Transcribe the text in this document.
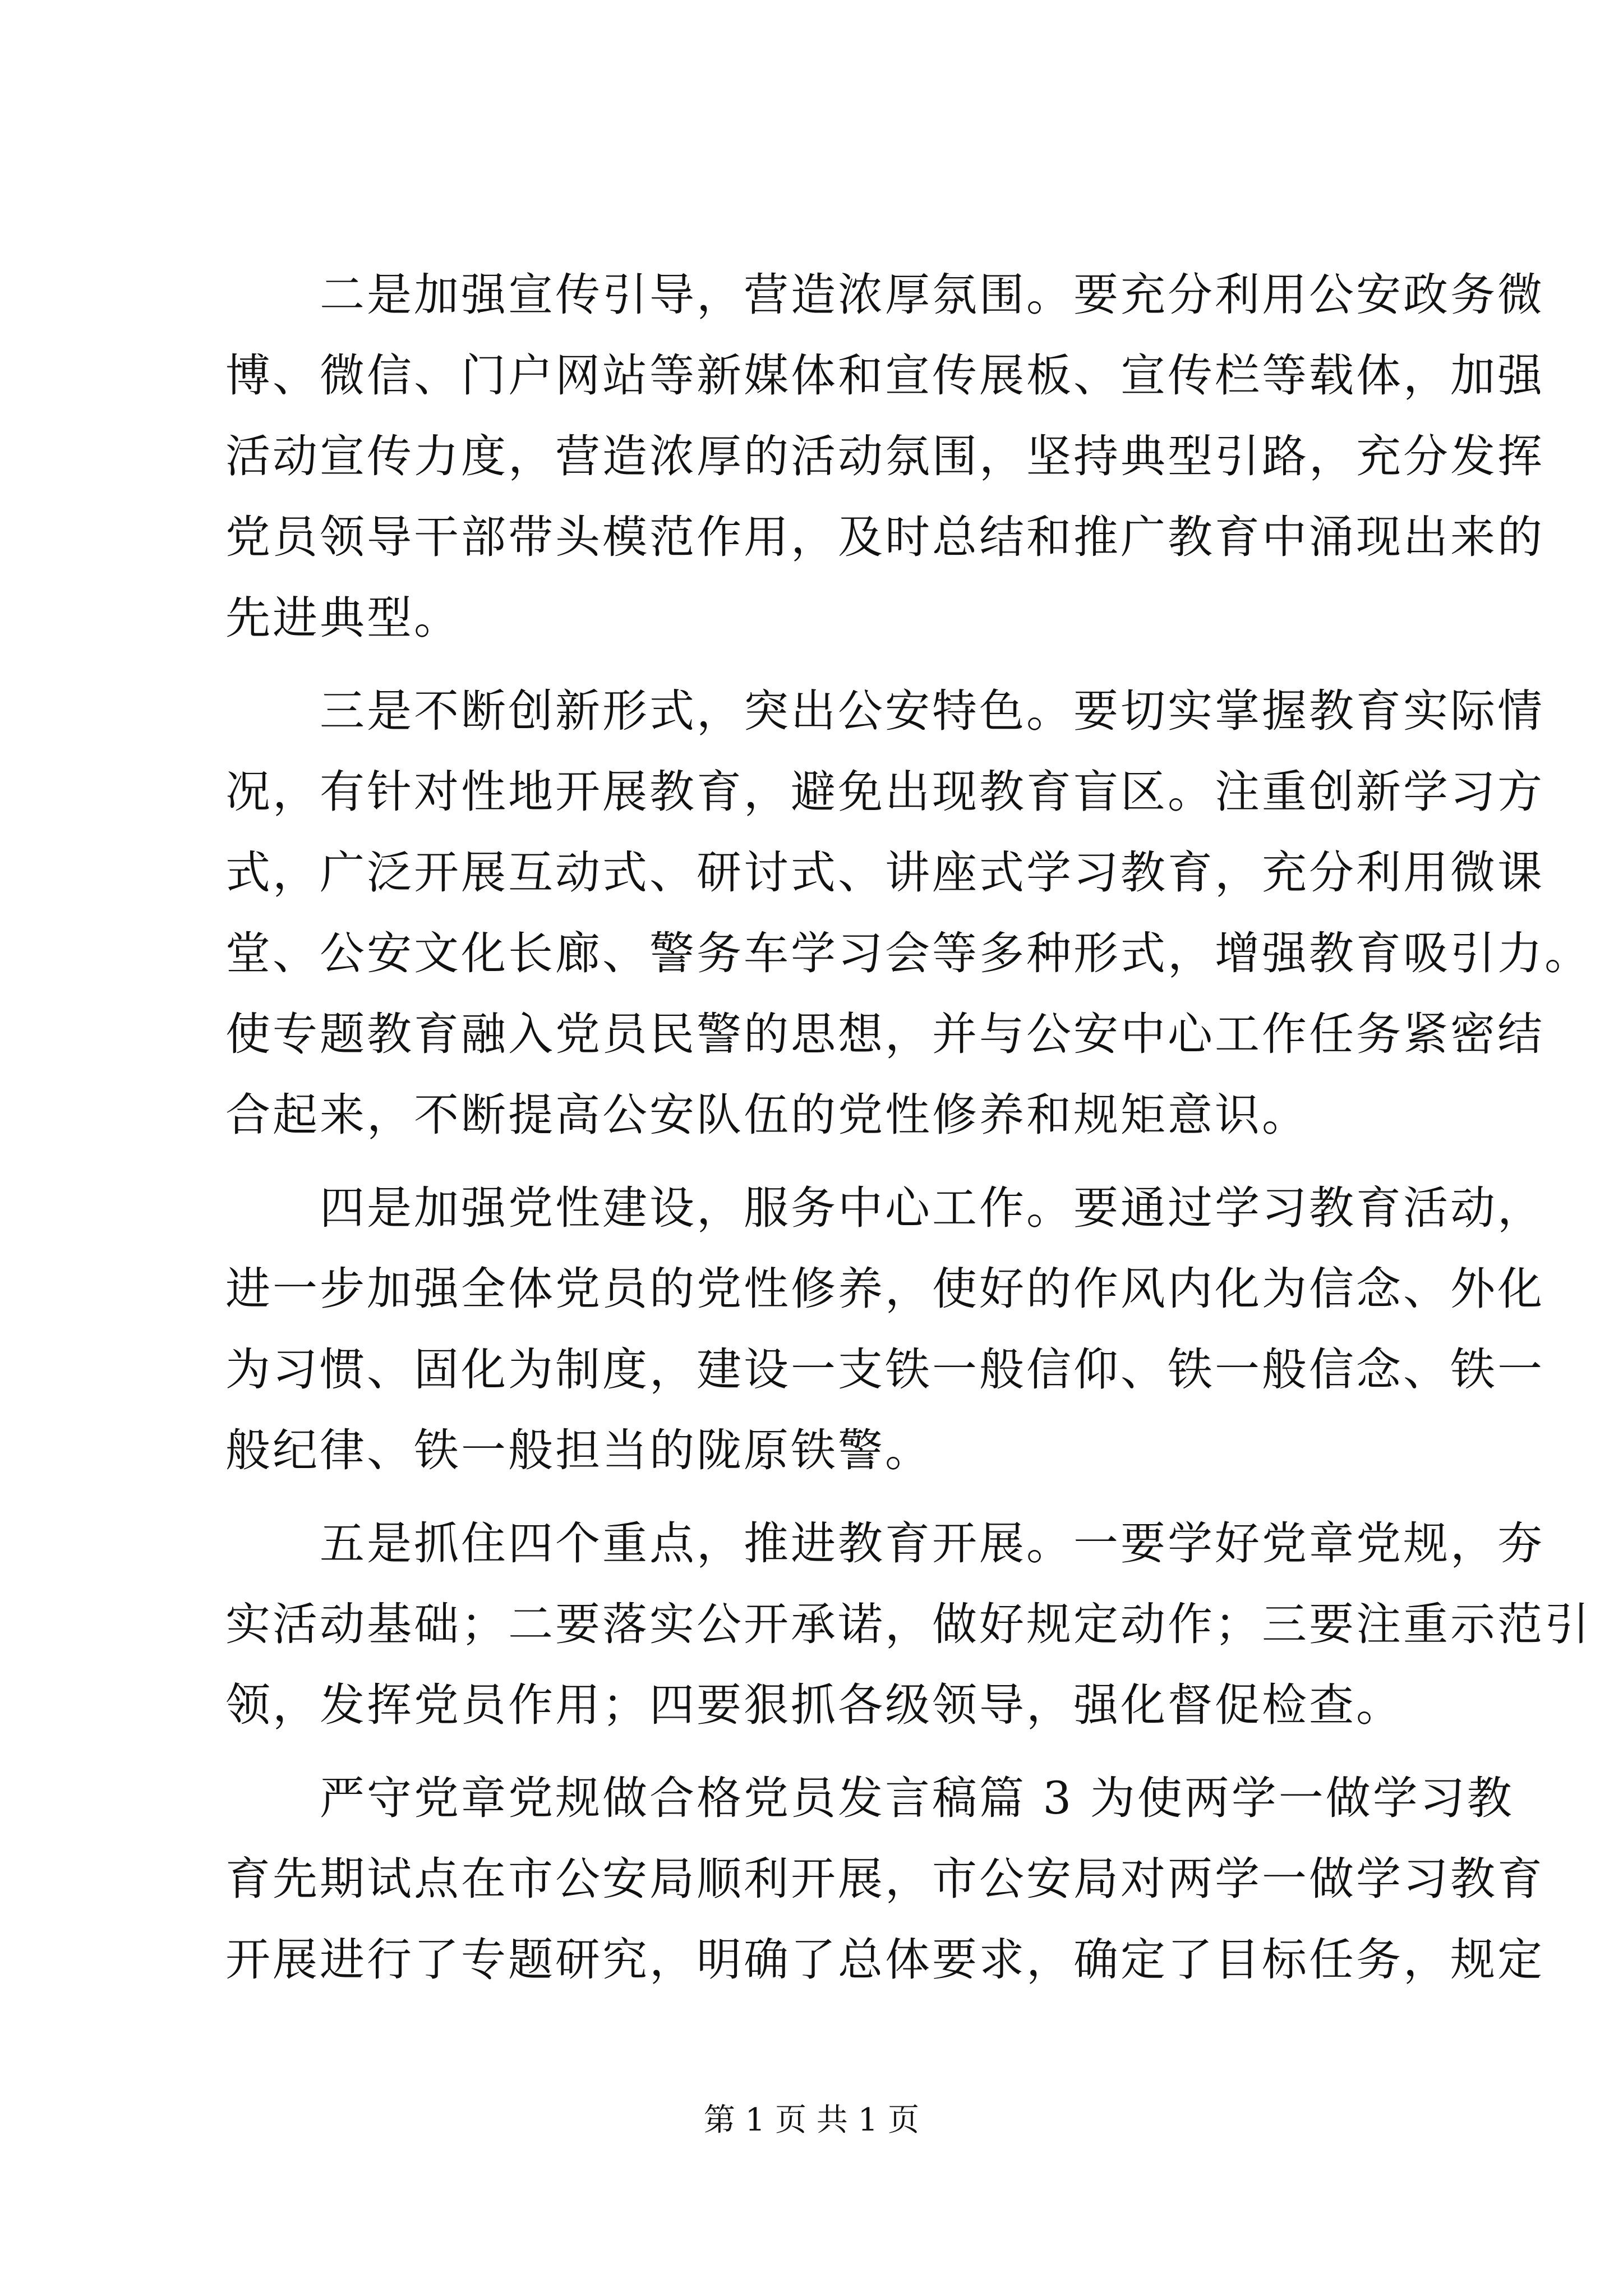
　　二是加强宣传引导，营造浓厚氛围。要充分利用公安政务微
博、微信、门户网站等新媒体和宣传展板、宣传栏等载体，加强
活动宣传力度，营造浓厚的活动氛围，坚持典型引路，充分发挥
党员领导干部带头模范作用，及时总结和推广教育中涌现出来的
先进典型。
　　三是不断创新形式，突出公安特色。要切实掌握教育实际情
况，有针对性地开展教育，避免出现教育盲区。注重创新学习方
式，广泛开展互动式、研讨式、讲座式学习教育，充分利用微课
堂、公安文化长廊、警务车学习会等多种形式，增强教育吸引力。
使专题教育融入党员民警的思想，并与公安中心工作任务紧密结
合起来，不断提高公安队伍的党性修养和规矩意识。
　　四是加强党性建设，服务中心工作。要通过学习教育活动，
进一步加强全体党员的党性修养，使好的作风内化为信念、外化
为习惯、固化为制度，建设一支铁一般信仰、铁一般信念、铁一
般纪律、铁一般担当的陇原铁警。
　　五是抓住四个重点，推进教育开展。一要学好党章党规，夯
实活动基础；二要落实公开承诺，做好规定动作；三要注重示范引
领，发挥党员作用；四要狠抓各级领导，强化督促检查。
　　严守党章党规做合格党员发言稿篇 3 为使两学一做学习教
育先期试点在市公安局顺利开展，市公安局对两学一做学习教育
开展进行了专题研究，明确了总体要求，确定了目标任务，规定
第 1 页 共 1 页
